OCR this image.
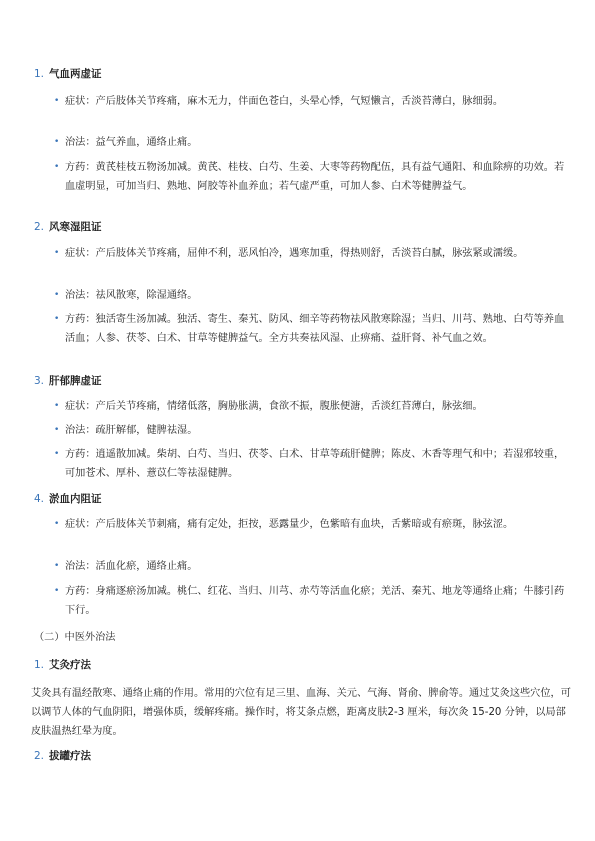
1. 气血两虚证
• 症状：产后肢体关节疼痛，麻木无力，伴面色苍白，头晕心悸，气短懒言，舌淡苔薄白，脉细弱。
• 治法：益气养血，通络止痛。
• 方药：黄芪桂枝五物汤加减。黄芪、桂枝、白芍、生姜、大枣等药物配伍，具有益气通阳、和血除痹的功效。若血虚明显，可加当归、熟地、阿胶等补血养血；若气虚严重，可加人参、白术等健脾益气。
2. 风寒湿阻证
• 症状：产后肢体关节疼痛，屈伸不利，恶风怕冷，遇寒加重，得热则舒，舌淡苔白腻，脉弦紧或濡缓。
• 治法：祛风散寒，除湿通络。
• 方药：独活寄生汤加减。独活、寄生、秦艽、防风、细辛等药物祛风散寒除湿；当归、川芎、熟地、白芍等养血活血；人参、茯苓、白术、甘草等健脾益气。全方共奏祛风湿、止痹痛、益肝肾、补气血之效。
3. 肝郁脾虚证
• 症状：产后关节疼痛，情绪低落，胸胁胀满，食欲不振，腹胀便溏，舌淡红苔薄白，脉弦细。
• 治法：疏肝解郁，健脾祛湿。
• 方药：逍遥散加减。柴胡、白芍、当归、茯苓、白术、甘草等疏肝健脾；陈皮、木香等理气和中；若湿邪较重，可加苍术、厚朴、薏苡仁等祛湿健脾。
4. 淤血内阻证
• 症状：产后肢体关节刺痛，痛有定处，拒按，恶露量少，色紫暗有血块，舌紫暗或有瘀斑，脉弦涩。
• 治法：活血化瘀，通络止痛。
• 方药：身痛逐瘀汤加减。桃仁、红花、当归、川芎、赤芍等活血化瘀；羌活、秦艽、地龙等通络止痛；牛膝引药下行。
（二）中医外治法
1. 艾灸疗法
艾灸具有温经散寒、通络止痛的作用。常用的穴位有足三里、血海、关元、气海、肾俞、脾俞等。通过艾灸这些穴位，可以调节人体的气血阴阳，增强体质，缓解疼痛。操作时，将艾条点燃，距离皮肤2-3 厘米，每次灸 15-20 分钟，以局部皮肤温热红晕为度。
2. 拔罐疗法
